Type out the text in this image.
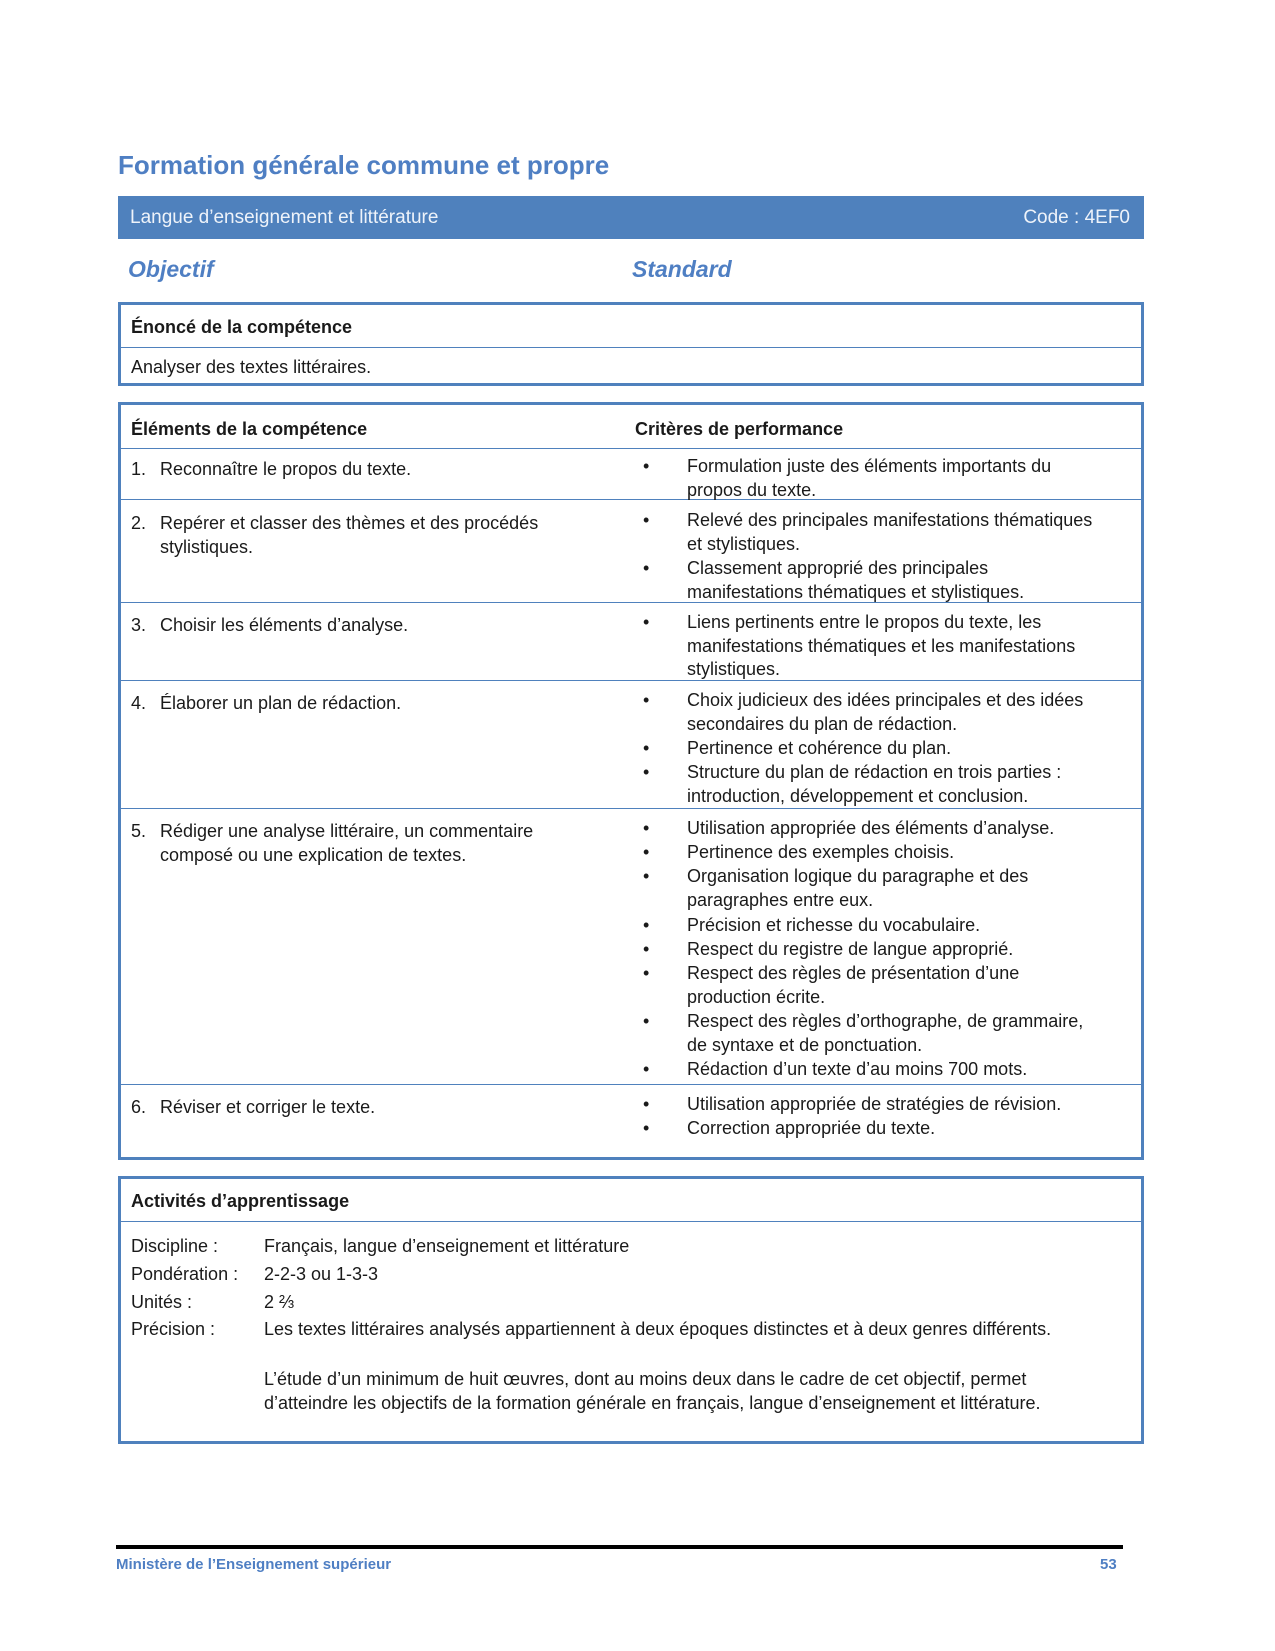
Formation générale commune et propre
Langue d’enseignement et littérature	Code : 4EF0
Objectif	Standard
Énoncé de la compétence
Analyser des textes littéraires.
Éléments de la compétence	Critères de performance
1. Reconnaître le propos du texte.	•	Formulation juste des éléments importants du propos du texte.
2. Repérer et classer des thèmes et des procédés stylistiques.
•	Relevé des principales manifestations thématiques et stylistiques.
•	Classement approprié des principales manifestations thématiques et stylistiques.
3. Choisir les éléments d’analyse.	•	Liens pertinents entre le propos du texte, les manifestations thématiques et les manifestations stylistiques.
4. Élaborer un plan de rédaction.	•	Choix judicieux des idées principales et des idées secondaires du plan de rédaction.
•	Pertinence et cohérence du plan.
•	Structure du plan de rédaction en trois parties : introduction, développement et conclusion.
5. Rédiger une analyse littéraire, un commentaire composé ou une explication de textes.
•	Utilisation appropriée des éléments d’analyse.
•	Pertinence des exemples choisis.
•	Organisation logique du paragraphe et des paragraphes entre eux.
•	Précision et richesse du vocabulaire.
•	Respect du registre de langue approprié.
•	Respect des règles de présentation d’une production écrite.
•	Respect des règles d’orthographe, de grammaire, de syntaxe et de ponctuation.
•	Rédaction d’un texte d’au moins 700 mots.
6. Réviser et corriger le texte.	•	Utilisation appropriée de stratégies de révision.
•	Correction appropriée du texte.
Activités d’apprentissage
Discipline :	Français, langue d’enseignement et littérature
Pondération :	2-2-3 ou 1-3-3
Unités :	2 ⅔
Précision :	Les textes littéraires analysés appartiennent à deux époques distinctes et à deux genres différents.
L’étude d’un minimum de huit œuvres, dont au moins deux dans le cadre de cet objectif, permet d’atteindre les objectifs de la formation générale en français, langue d’enseignement et littérature.
Ministère de l’Enseignement supérieur	53
